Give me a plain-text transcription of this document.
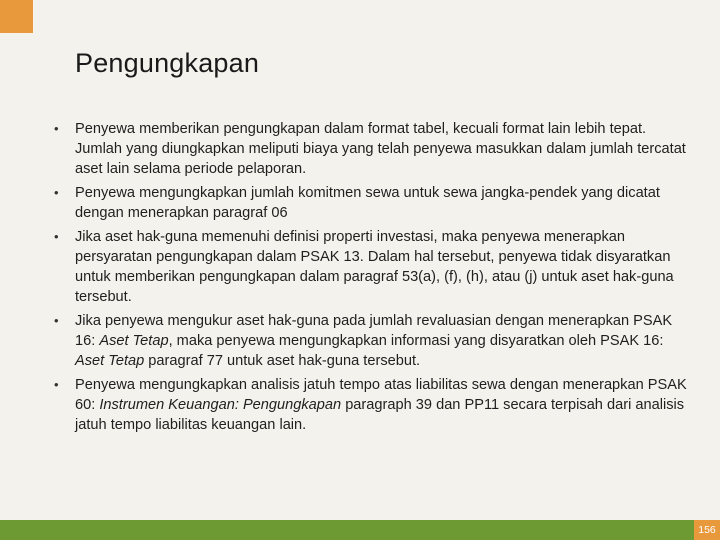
Pengungkapan
• Penyewa memberikan pengungkapan dalam format tabel, kecuali format lain lebih tepat. Jumlah yang diungkapkan meliputi biaya yang telah penyewa masukkan dalam jumlah tercatat aset lain selama periode pelaporan.
• Penyewa mengungkapkan jumlah komitmen sewa untuk sewa jangka-pendek yang dicatat dengan menerapkan paragraf 06
• Jika aset hak-guna memenuhi definisi properti investasi, maka penyewa menerapkan persyaratan pengungkapan dalam PSAK 13. Dalam hal tersebut, penyewa tidak disyaratkan untuk memberikan pengungkapan dalam paragraf 53(a), (f), (h), atau (j) untuk aset hak-guna tersebut.
• Jika penyewa mengukur aset hak-guna pada jumlah revaluasian dengan menerapkan PSAK 16: Aset Tetap, maka penyewa mengungkapkan informasi yang disyaratkan oleh PSAK 16: Aset Tetap paragraf 77 untuk aset hak-guna tersebut.
• Penyewa mengungkapkan analisis jatuh tempo atas liabilitas sewa dengan menerapkan PSAK 60: Instrumen Keuangan: Pengungkapan paragraph 39 dan PP11 secara terpisah dari analisis jatuh tempo liabilitas keuangan lain.
156
